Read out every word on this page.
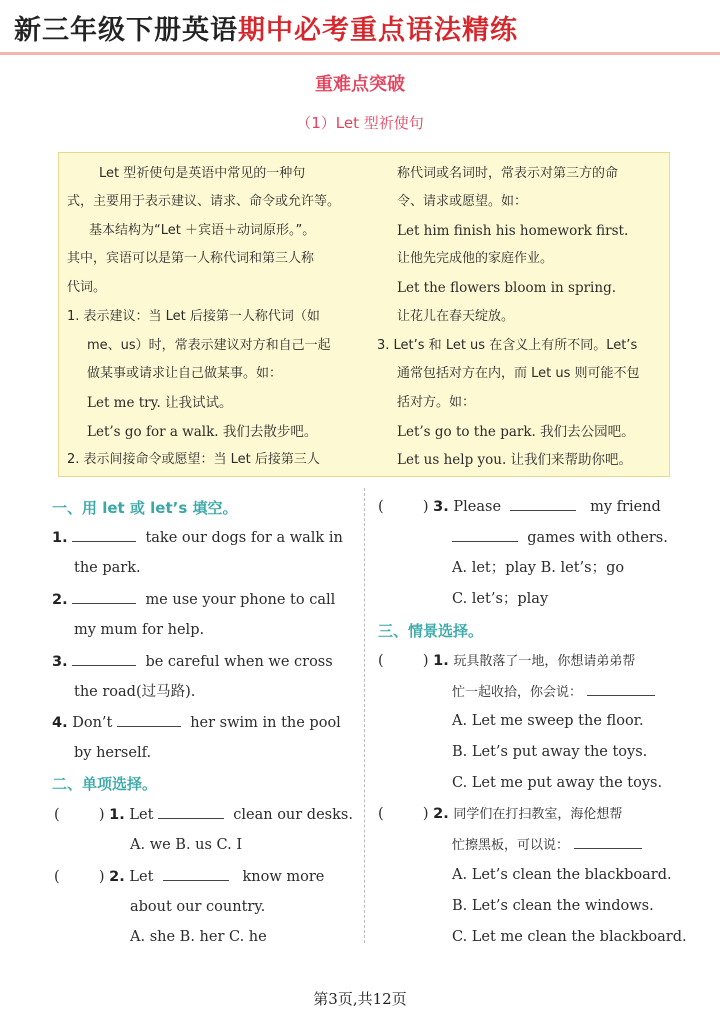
新三年级下册英语期中必考重点语法精练
重难点突破
（1）Let 型祈使句
Let 型祈使句是英语中常见的一种句
式，主要用于表示建议、请求、命令或允许等。
基本结构为“Let ＋宾语＋动词原形。”。
其中，宾语可以是第一人称代词和第三人称
代词。
1. 表示建议：当 Let 后接第一人称代词（如
me、us）时，常表示建议对方和自己一起
做某事或请求让自己做某事。如：
Let me try. 让我试试。
Let’s go for a walk. 我们去散步吧。
2. 表示间接命令或愿望：当 Let 后接第三人
称代词或名词时，常表示对第三方的命
令、请求或愿望。如：
Let him finish his homework first.
让他先完成他的家庭作业。
Let the flowers bloom in spring.
让花儿在春天绽放。
3. Let’s 和 Let us 在含义上有所不同。Let’s
通常包括对方在内，而 Let us 则可能不包
括对方。如：
Let’s go to the park. 我们去公园吧。
Let us help you. 让我们来帮助你吧。
一、用 let 或 let’s 填空。
1.	take our dogs for a walk in
the park.
2.	me use your phone to call
my mum for help.
3.	be careful when we cross
the road(过马路).
4. Don’t	her swim in the pool
by herself.
二、单项选择。
(	) 1. Let	clean our desks.
A. we B. us C. I
(	) 2. Let	know more
about our country.
A. she B. her C. he
(	) 3. Please	my friend
games with others.
A. let；play B. let’s；go
C. let’s；play
三、情景选择。
(	) 1. 玩具散落了一地，你想请弟弟帮
忙一起收拾，你会说：
A. Let me sweep the floor.
B. Let’s put away the toys.
C. Let me put away the toys.
(	) 2. 同学们在打扫教室，海伦想帮
忙擦黑板，可以说：
A. Let’s clean the blackboard.
B. Let’s clean the windows.
C. Let me clean the blackboard.
第3页,共12页
